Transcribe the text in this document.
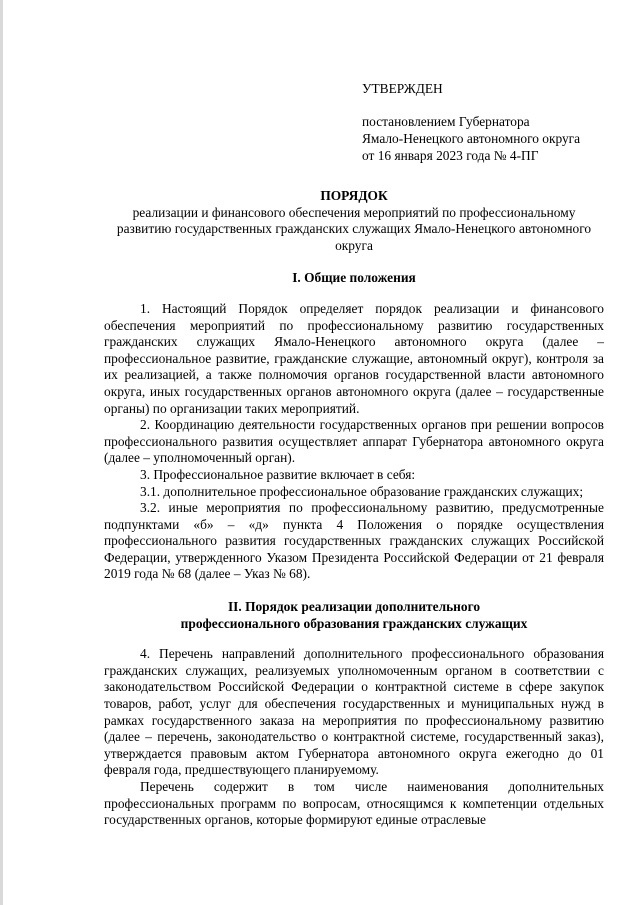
УТВЕРЖДЕН
постановлением Губернатора
Ямало-Ненецкого автономного округа
от 16 января 2023 года № 4-ПГ

ПОРЯДОК

реализации и финансового обеспечения мероприятий по профессиональному развитию государственных гражданских служащих Ямало-Ненецкого автономного округа

I. Общие положения

1. Настоящий Порядок определяет порядок реализации и финансового обеспечения мероприятий по профессиональному развитию государственных гражданских служащих Ямало-Ненецкого автономного округа (далее – профессиональное развитие, гражданские служащие, автономный округ), контроля за их реализацией, а также полномочия органов государственной власти автономного округа, иных государственных органов автономного округа (далее – государственные органы) по организации таких мероприятий.

2. Координацию деятельности государственных органов при решении вопросов профессионального развития осуществляет аппарат Губернатора автономного округа (далее – уполномоченный орган).

3. Профессиональное развитие включает в себя:

3.1. дополнительное профессиональное образование гражданских служащих;

3.2. иные мероприятия по профессиональному развитию, предусмотренные подпунктами «б» – «д» пункта 4 Положения о порядке осуществления профессионального развития государственных гражданских служащих Российской Федерации, утвержденного Указом Президента Российской Федерации от 21 февраля 2019 года № 68 (далее – Указ № 68).

II. Порядок реализации дополнительного

профессионального образования гражданских служащих

4. Перечень направлений дополнительного профессионального образования гражданских служащих, реализуемых уполномоченным органом в соответствии с законодательством Российской Федерации о контрактной системе в сфере закупок товаров, работ, услуг для обеспечения государственных и муниципальных нужд в рамках государственного заказа на мероприятия по профессиональному развитию (далее – перечень, законодательство о контрактной системе, государственный заказ), утверждается правовым актом Губернатора автономного округа ежегодно до 01 февраля года, предшествующего планируемому.

Перечень содержит в том числе наименования дополнительных профессиональных программ по вопросам, относящимся к компетенции отдельных государственных органов, которые формируют единые отраслевые
